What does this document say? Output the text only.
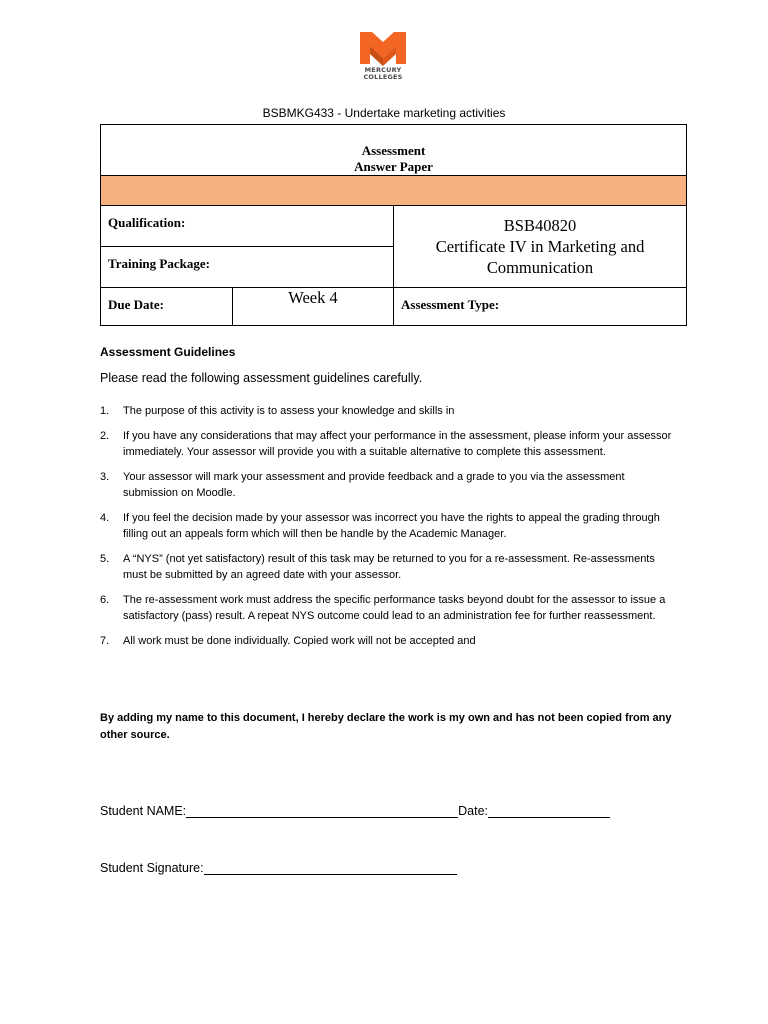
MERCURY
COLLEGES
BSBMKG433 - Undertake marketing activities
Assessment
Answer Paper		

Qualification:		BSB40820
Certificate IV in Marketing and
Communication

Training Package:		
Due Date:	Week 4	Assessment Type:
Assessment Guidelines
Please read the following assessment guidelines carefully.
1. The purpose of this activity is to assess your knowledge and skills in
2. If you have any considerations that may affect your performance in the assessment, please inform your assessor immediately. Your assessor will provide you with a suitable alternative to complete this assessment.
3. Your assessor will mark your assessment and provide feedback and a grade to you via the assessment submission on Moodle.
4. If you feel the decision made by your assessor was incorrect you have the rights to appeal the grading through filling out an appeals form which will then be handle by the Academic Manager.
5. A “NYS” (not yet satisfactory) result of this task may be returned to you for a re-assessment. Re-assessments must be submitted by an agreed date with your assessor.
6. The re-assessment work must address the specific performance tasks beyond doubt for the assessor to issue a satisfactory (pass) result. A repeat NYS outcome could lead to an administration fee for further reassessment.
7. All work must be done individually. Copied work will not be accepted and
By adding my name to this document, I hereby declare the work is my own and has not been copied from any other source.
Student NAME:	Date:
Student Signature:
